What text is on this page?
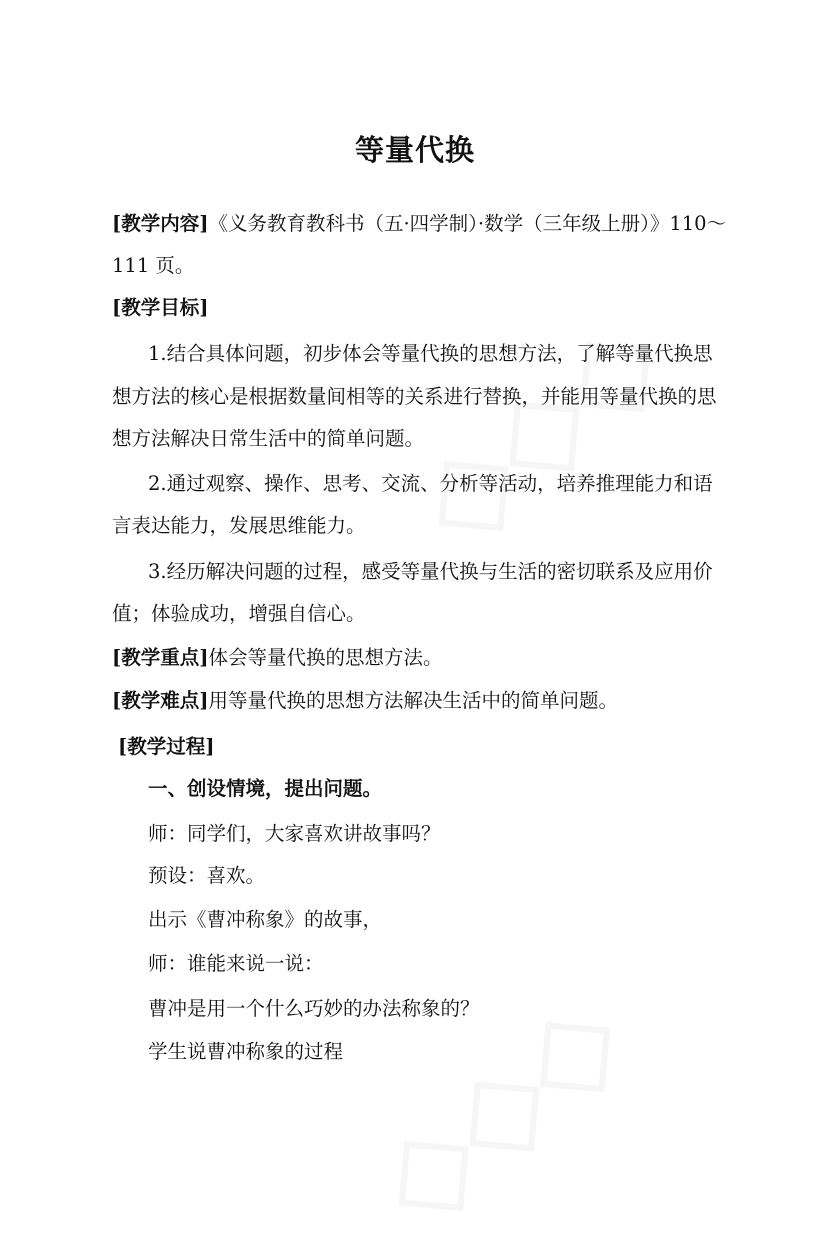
等量代换
[教学内容]《义务教育教科书（五·四学制）·数学（三年级上册）》110～
111 页。
[教学目标]
1.结合具体问题，初步体会等量代换的思想方法，了解等量代换思
想方法的核心是根据数量间相等的关系进行替换，并能用等量代换的思
想方法解决日常生活中的简单问题。
2.通过观察、操作、思考、交流、分析等活动，培养推理能力和语
言表达能力，发展思维能力。
3.经历解决问题的过程，感受等量代换与生活的密切联系及应用价
值；体验成功，增强自信心。
[教学重点]体会等量代换的思想方法。
[教学难点]用等量代换的思想方法解决生活中的简单问题。
[教学过程]
一、创设情境，提出问题。
师：同学们，大家喜欢讲故事吗？
预设：喜欢。
出示《曹冲称象》的故事，
师：谁能来说一说：
曹冲是用一个什么巧妙的办法称象的？
学生说曹冲称象的过程
